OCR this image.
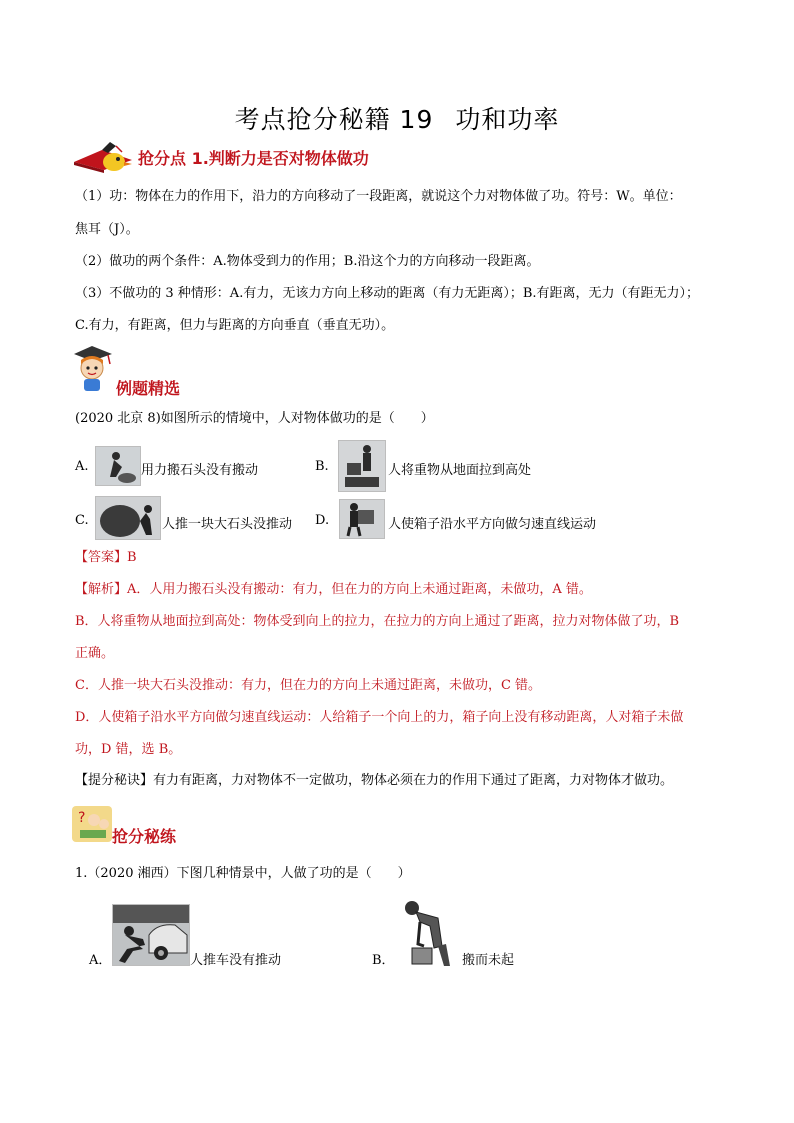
考点抢分秘籍 19 功和功率
抢分点 1.判断力是否对物体做功
（1）功：物体在力的作用下，沿力的方向移动了一段距离，就说这个力对物体做了功。符号：W。单位：
焦耳（J）。
（2）做功的两个条件：A.物体受到力的作用；B.沿这个力的方向移动一段距离。
（3）不做功的 3 种情形：A.有力，无该力方向上移动的距离（有力无距离）；B.有距离，无力（有距无力）；
C.有力，有距离，但力与距离的方向垂直（垂直无功）。
例题精选
(2020 北京 8)如图所示的情境中，人对物体做功的是（　　）
A.	用力搬石头没有搬动	B.	人将重物从地面拉到高处
C.	人推一块大石头没推动 D.	人使箱子沿水平方向做匀速直线运动
【答案】B
【解析】A．人用力搬石头没有搬动：有力，但在力的方向上未通过距离，未做功，A 错。
B．人将重物从地面拉到高处：物体受到向上的拉力，在拉力的方向上通过了距离，拉力对物体做了功，B
正确。
C．人推一块大石头没推动：有力，但在力的方向上未通过距离，未做功，C 错。
D．人使箱子沿水平方向做匀速直线运动：人给箱子一个向上的力，箱子向上没有移动距离，人对箱子未做
功，D 错，选 B。
【提分秘诀】有力有距离，力对物体不一定做功，物体必须在力的作用下通过了距离，力对物体才做功。
?
抢分秘练
1.（2020 湘西）下图几种情景中，人做了功的是（　　）
A．	人推车没有推动	B．	搬而未起
